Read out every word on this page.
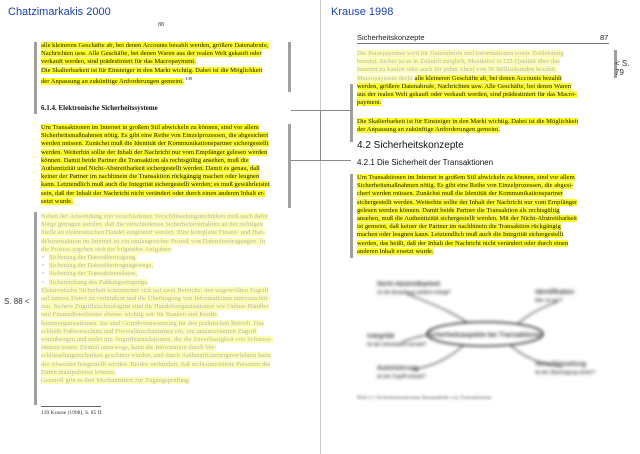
Chatzimarkakis 2000
88
alle kleineren Geschäfte ab, bei denen Accounts bezahlt werden, größere Datenabrufe,
Nachrichten usw. Alle Geschäfte, bei denen Waren aus der realen Welt gekauft oder
verkauft werden, sind prädestiniert für das Macropayment.
Die Skalierbarkeit ist für Einsteiger in den Markt wichtig. Dabei ist die Möglichkeit
der Anpassung an zukünftige Anforderungen gemeint. $^{139}$
6.1.4. Elektronische Sicherheitssysteme
Um Transaktionen im Internet in großem Stil abwickeln zu können, sind vor allem
Sicherheitsmaßnahmen nötig. Es gibt eine Reihe von Einzelprozessen, die abgesichert
werden müssen. Zunächst muß die Identität der Kommunikationspartner sichergestellt
werden. Weiterhin sollte der Inhalt der Nachricht nur vom Empfänger gelesen werden
können. Damit beide Partner die Transaktion als rechtsgültig ansehen, muß die
Authentizität und Nicht-Abstreitbarkeit sichergestellt werden. Damit es genau, daß
keiner der Partner im nachhinein die Transaktion rückgängig machen oder leugnen
kann. Letztendlich muß auch die Integrität sichergestellt werden; es muß gewährleistet
sein, daß der Inhalt der Nachricht nicht verändert oder durch einen anderen Inhalt er-
setzt wurde.
Neben der Anwendung von verschiedenen Verschlüsselungstechniken muß auch dafür
Sorge getragen werden, daß die verschiedenen Sicherheitsverfahren an der richtigen
Stelle an elektronischen Handel eingesetzt werden. Eine komplette Finanz- und Han-
delstransaktion im Internet ist ein umfangreicher Prozeß von Datenübertragungen. In
die Prozess ergeben sich die folgenden Aufgaben:
• Sicherung der Datenübertragung,
• Sicherung der Datenübertragungswege,
• Sicherung der Transaktionsdaten,
• Sicherstellung des Zahlungseingangs.
Elektronische Sicherheit konzentriert sich auf zwei Bereiche: den ungewollten Zugriff
auf interne Daten zu verhindern und die Übertragung von Informationen unterzuschüt-
zen. Sichere Zugriffstechnologien sind für Handelsorganisationen wie Online-Händler
und Finanzdienstleister ebenso wichtig wie für Banken und Kredit-
kartenorganisationen. Sie sind Grundvoraussetzung für den praktischen Betrieb. Das
schließt Paßwortschutz und Firewallmechanismen ein, um unautorisierten Zugriff
vorzubeugen und endet mit Angriffssimulationen, die die Zuverlässigkeit von Schutzsy-
stemen testen. Einmal unterwegs, kann die Information durch Ver-
schlüsselungstechniken geschützt werden, und durch Authentifizierungsverfahren kann
der Absender festgestellt werden. Beides verhindert, daß nichtautorisierte Personen die
Daten manipulieren können.
Generell gibt es drei Mechanismen zur Zugangsprüfung:
139 Krause (1998), S. 85 ff.
S. 88 <
Krause 1998
Sicherheitskonzepte	87
Die Paraspayment wird für Datenabrufe und Informationen sowie Zeitleistung
benutzt. Sicher ist es in Zukunft möglich, Musiktitel in CD-Qualität über das
Internet zu kaufen oder auch für jeden Abruf von 50 Millisekunden bezahlt.
Macropayment deckt alle kleineren Geschäfte ab, bei denen Accounts bezahlt
werden, größere Datenabrufe, Nachrichten usw. Alle Geschäfte, bei denen Waren
aus der realen Welt gekauft oder verkauft werden, sind prädestiniert für das Macro-
payment.
Die Skalierbarkeit ist für Einsteiger in den Markt wichtig. Dabei ist die Möglichkeit
der Anpassung an zukünftige Anforderungen gemeint.
4.2 Sicherheitskonzepte
4.2.1 Die Sicherheit der Transaktionen
Um Transaktionen im Internet in großem Stil abwickeln zu können, sind vor allem
Sicherheitsmaßnahmen nötig. Es gibt eine Reihe von Einzelprozessen, die abgesi-
chert werden müssen. Zunächst muß die Identität der Kommunikationspartner
sichergestellt werden. Weiterhin sollte der Inhalt der Nachricht nur vom Empfänger
gelesen werden können. Damit beide Partner die Transaktion als rechtsgültig
ansehen, muß die Authentizität sichergestellt werden. Mit der Nicht-Abstreitbarkeit
ist gemeint, daß keiner der Partner im nachhinein die Transaktion rückgängig
machen oder leugnen kann. Letztendlich muß auch die Integrität sichergestellt
werden, das heißt, daß der Inhalt der Nachricht nicht verändert oder durch einen
anderen Inhalt ersetzt wurde.
Sicherheitsaspekte bei Transaktionen
Nicht-Abstreitbarkeit
Ist die Bestellung wirklich erfolgt?	Identifikation
Wer ist wer?
Integrität
Ist die Information korrekt?
Autorisierung
Ist der Zugriff erlaubt?
Verschlüsselung
Ist die Übertragung sicher?
Bild 4.1 Sicherheitsrelevante Bestandteile von Transaktionen
< S. 79
